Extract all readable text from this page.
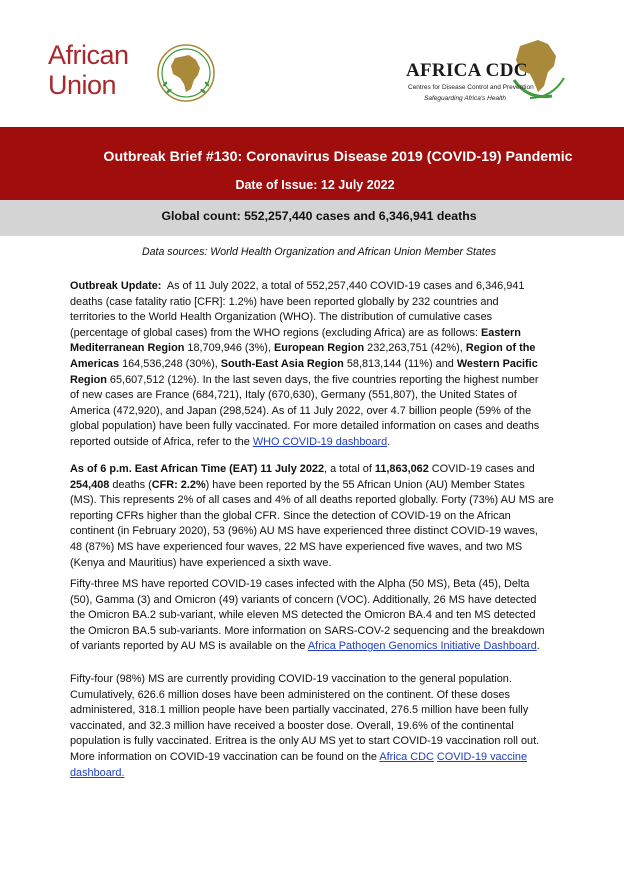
African
Union	AFRICA CDC
Centres for Disease Control and Prevention
Safeguarding Africa's Health
Outbreak Brief #130: Coronavirus Disease 2019 (COVID-19) Pandemic
Date of Issue: 12 July 2022
Global count: 552,257,440 cases and 6,346,941 deaths
Data sources: World Health Organization and African Union Member States
Outbreak Update:  As of 11 July 2022, a total of 552,257,440 COVID-19 cases and 6,346,941
deaths (case fatality ratio [CFR]: 1.2%) have been reported globally by 232 countries and
territories to the World Health Organization (WHO). The distribution of cumulative cases
(percentage of global cases) from the WHO regions (excluding Africa) are as follows: Eastern
Mediterranean Region 18,709,946 (3%), European Region 232,263,751 (42%), Region of the
Americas 164,536,248 (30%), South-East Asia Region 58,813,144 (11%) and Western Pacific
Region 65,607,512 (12%). In the last seven days, the five countries reporting the highest number
of new cases are France (684,721), Italy (670,630), Germany (551,807), the United States of
America (472,920), and Japan (298,524). As of 11 July 2022, over 4.7 billion people (59% of the
global population) have been fully vaccinated. For more detailed information on cases and deaths
reported outside of Africa, refer to the WHO COVID-19 dashboard.
As of 6 p.m. East African Time (EAT) 11 July 2022, a total of 11,863,062 COVID-19 cases and
254,408 deaths (CFR: 2.2%) have been reported by the 55 African Union (AU) Member States
(MS). This represents 2% of all cases and 4% of all deaths reported globally. Forty (73%) AU MS are
reporting CFRs higher than the global CFR. Since the detection of COVID-19 on the African
continent (in February 2020), 53 (96%) AU MS have experienced three distinct COVID-19 waves,
48 (87%) MS have experienced four waves, 22 MS have experienced five waves, and two MS
(Kenya and Mauritius) have experienced a sixth wave.
Fifty-three MS have reported COVID-19 cases infected with the Alpha (50 MS), Beta (45), Delta
(50), Gamma (3) and Omicron (49) variants of concern (VOC). Additionally, 26 MS have detected
the Omicron BA.2 sub-variant, while eleven MS detected the Omicron BA.4 and ten MS detected
the Omicron BA.5 sub-variants. More information on SARS-COV-2 sequencing and the breakdown
of variants reported by AU MS is available on the Africa Pathogen Genomics Initiative Dashboard.
Fifty-four (98%) MS are currently providing COVID-19 vaccination to the general population.
Cumulatively, 626.6 million doses have been administered on the continent. Of these doses
administered, 318.1 million people have been partially vaccinated, 276.5 million have been fully
vaccinated, and 32.3 million have received a booster dose. Overall, 19.6% of the continental
population is fully vaccinated. Eritrea is the only AU MS yet to start COVID-19 vaccination roll out.
More information on COVID-19 vaccination can be found on the Africa CDC COVID-19 vaccine
dashboard.
